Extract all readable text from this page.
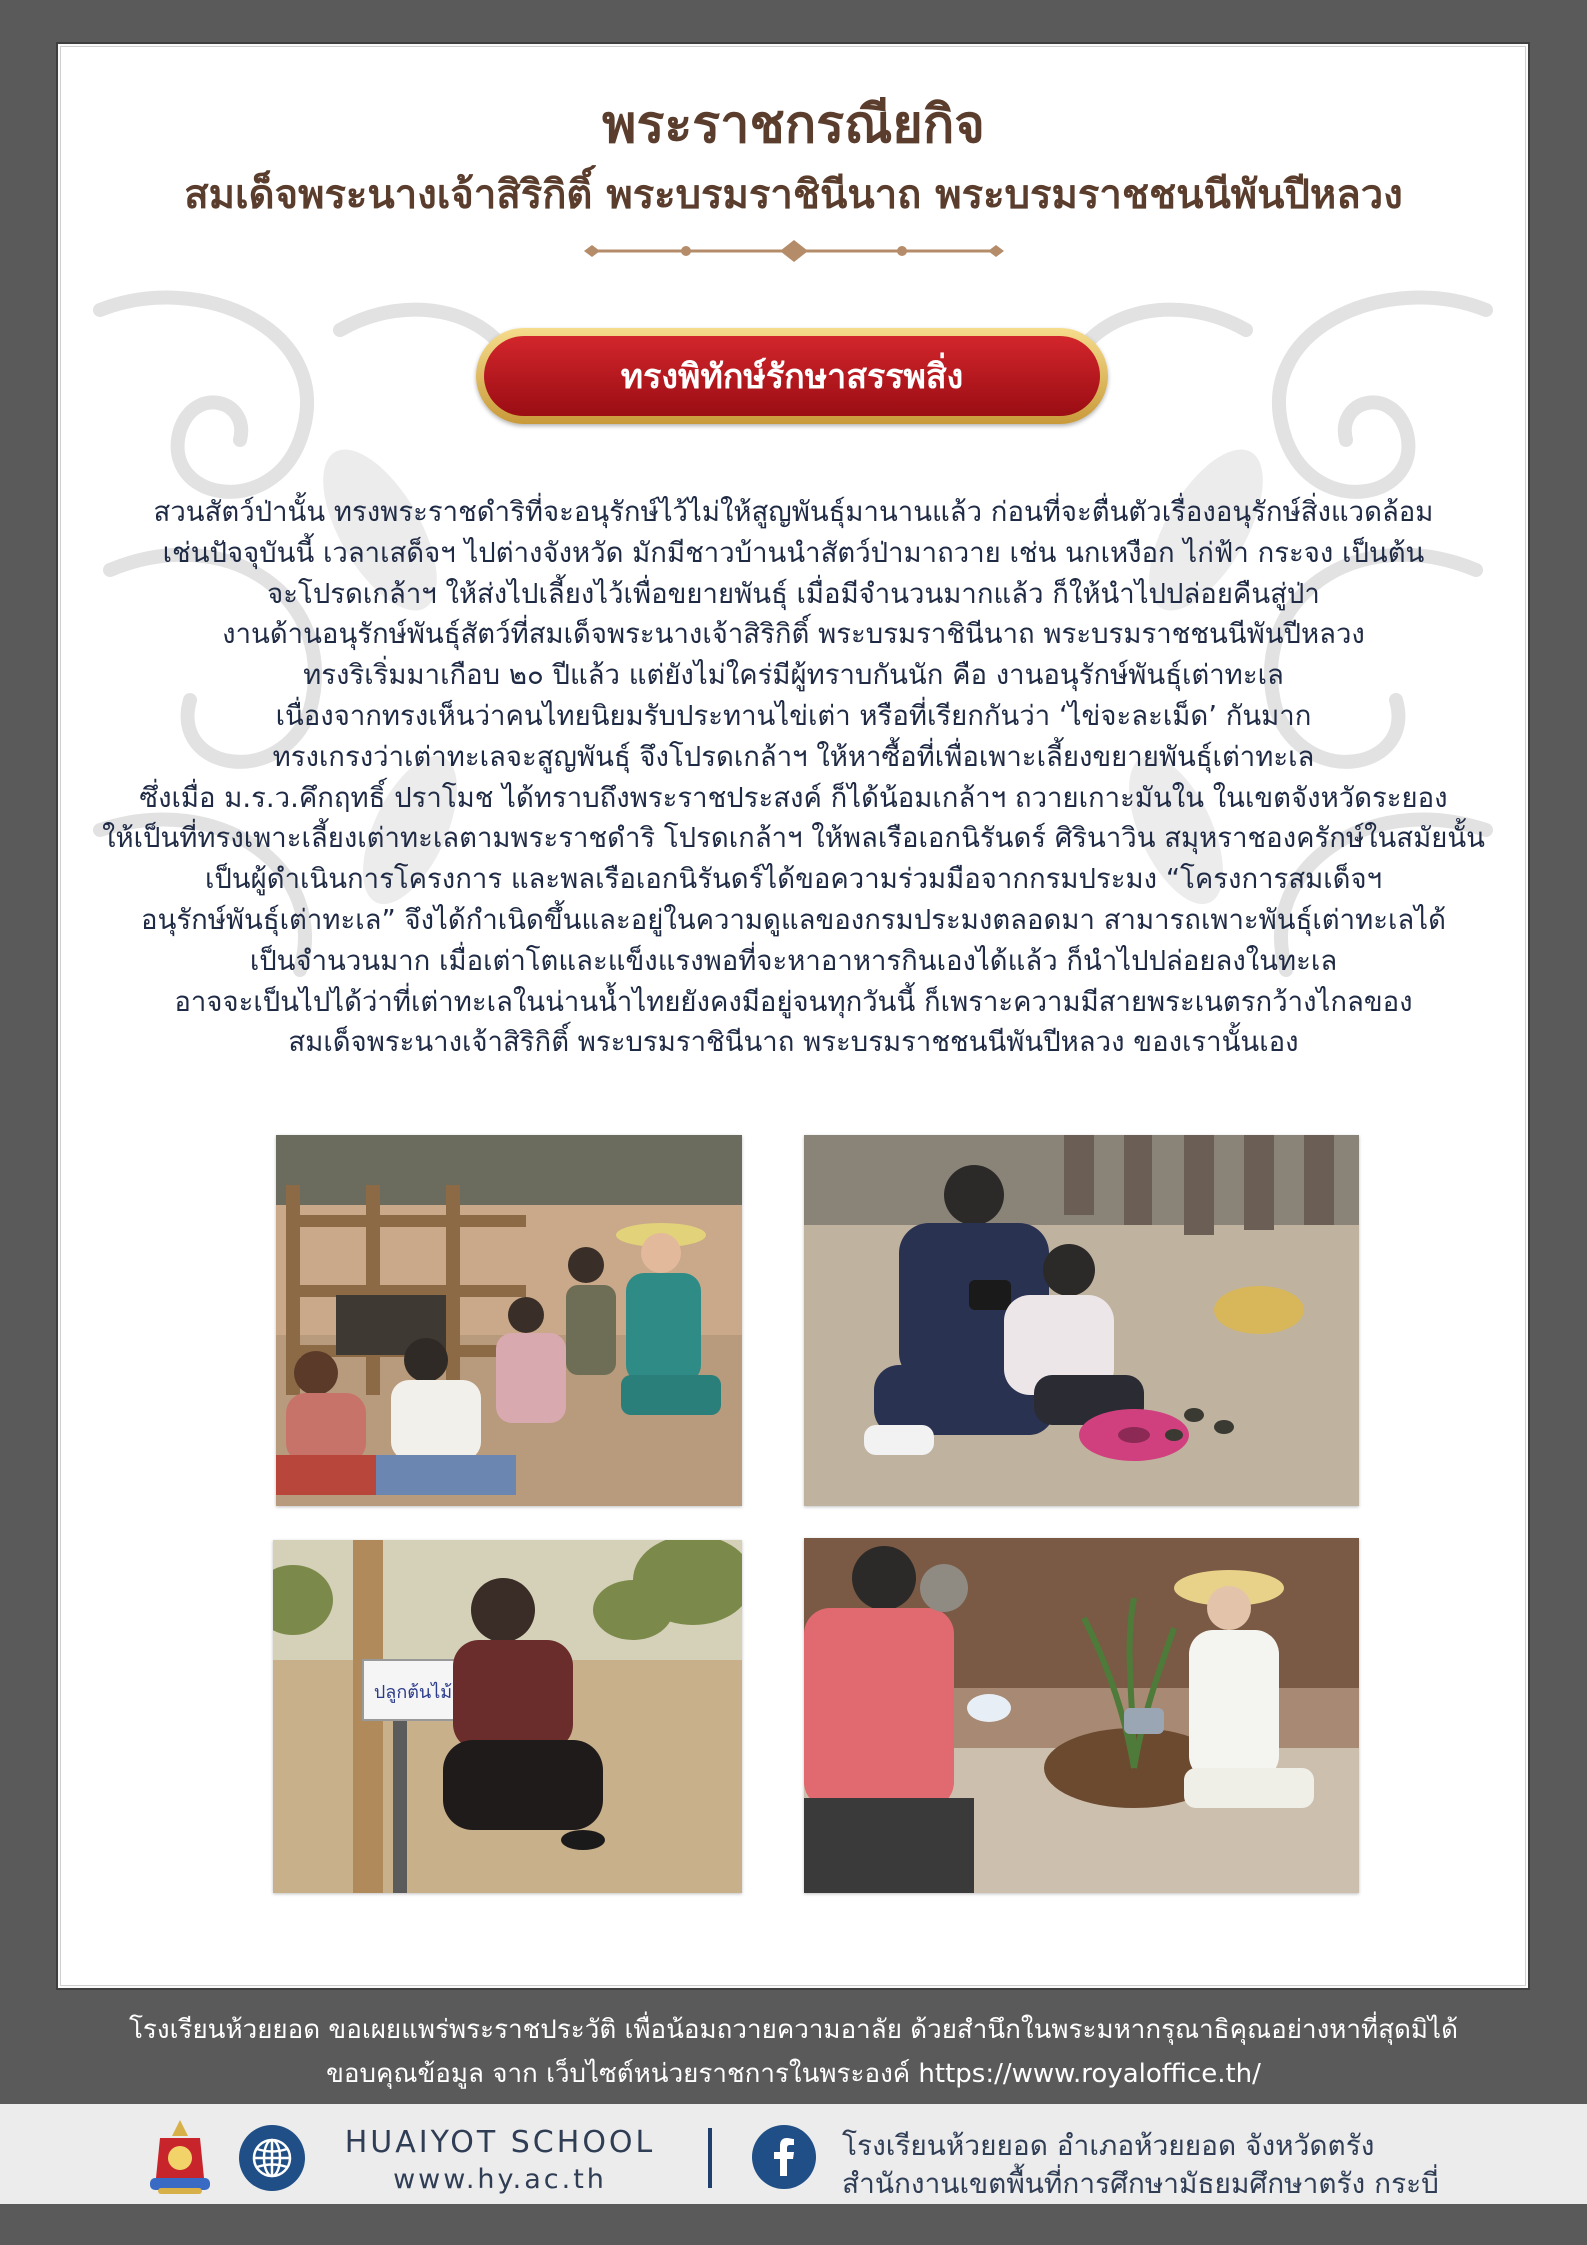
พระราชกรณียกิจ
สมเด็จพระนางเจ้าสิริกิติ์ พระบรมราชินีนาถ พระบรมราชชนนีพันปีหลวง
ทรงพิทักษ์รักษาสรรพสิ่ง
สวนสัตว์ป่านั้น ทรงพระราชดำริที่จะอนุรักษ์ไว้ไม่ให้สูญพันธุ์มานานแล้ว ก่อนที่จะตื่นตัวเรื่องอนุรักษ์สิ่งแวดล้อม
เช่นปัจจุบันนี้ เวลาเสด็จฯ ไปต่างจังหวัด มักมีชาวบ้านนำสัตว์ป่ามาถวาย เช่น นกเหงือก ไก่ฟ้า กระจง เป็นต้น
จะโปรดเกล้าฯ ให้ส่งไปเลี้ยงไว้เพื่อขยายพันธุ์ เมื่อมีจำนวนมากแล้ว ก็ให้นำไปปล่อยคืนสู่ป่า
งานด้านอนุรักษ์พันธุ์สัตว์ที่สมเด็จพระนางเจ้าสิริกิติ์ พระบรมราชินีนาถ พระบรมราชชนนีพันปีหลวง
ทรงริเริ่มมาเกือบ ๒๐ ปีแล้ว แต่ยังไม่ใคร่มีผู้ทราบกันนัก คือ งานอนุรักษ์พันธุ์เต่าทะเล
เนื่องจากทรงเห็นว่าคนไทยนิยมรับประทานไข่เต่า หรือที่เรียกกันว่า ‘ไข่จะละเม็ด’ กันมาก
ทรงเกรงว่าเต่าทะเลจะสูญพันธุ์ จึงโปรดเกล้าฯ ให้หาซื้อที่เพื่อเพาะเลี้ยงขยายพันธุ์เต่าทะเล
ซึ่งเมื่อ ม.ร.ว.คึกฤทธิ์ ปราโมช ได้ทราบถึงพระราชประสงค์ ก็ได้น้อมเกล้าฯ ถวายเกาะมันใน ในเขตจังหวัดระยอง
ให้เป็นที่ทรงเพาะเลี้ยงเต่าทะเลตามพระราชดำริ โปรดเกล้าฯ ให้พลเรือเอกนิรันดร์ ศิรินาวิน สมุหราชองครักษ์ในสมัยนั้น
เป็นผู้ดำเนินการโครงการ และพลเรือเอกนิรันดร์ได้ขอความร่วมมือจากกรมประมง “โครงการสมเด็จฯ
อนุรักษ์พันธุ์เต่าทะเล” จึงได้กำเนิดขึ้นและอยู่ในความดูแลของกรมประมงตลอดมา สามารถเพาะพันธุ์เต่าทะเลได้
เป็นจำนวนมาก เมื่อเต่าโตและแข็งแรงพอที่จะหาอาหารกินเองได้แล้ว ก็นำไปปล่อยลงในทะเล
อาจจะเป็นไปได้ว่าที่เต่าทะเลในน่านน้ำไทยยังคงมีอยู่จนทุกวันนี้ ก็เพราะความมีสายพระเนตรกว้างไกลของ
สมเด็จพระนางเจ้าสิริกิติ์ พระบรมราชินีนาถ พระบรมราชชนนีพันปีหลวง ของเรานั้นเอง
ปลูกต้นไม้
โรงเรียนห้วยยอด ขอเผยแพร่พระราชประวัติ เพื่อน้อมถวายความอาลัย ด้วยสำนึกในพระมหากรุณาธิคุณอย่างหาที่สุดมิได้
ขอบคุณข้อมูล จาก เว็บไซต์หน่วยราชการในพระองค์ https://www.royaloffice.th/
HUAIYOT SCHOOL
www.hy.ac.th
โรงเรียนห้วยยอด อำเภอห้วยยอด จังหวัดตรัง
สำนักงานเขตพื้นที่การศึกษามัธยมศึกษาตรัง กระบี่
